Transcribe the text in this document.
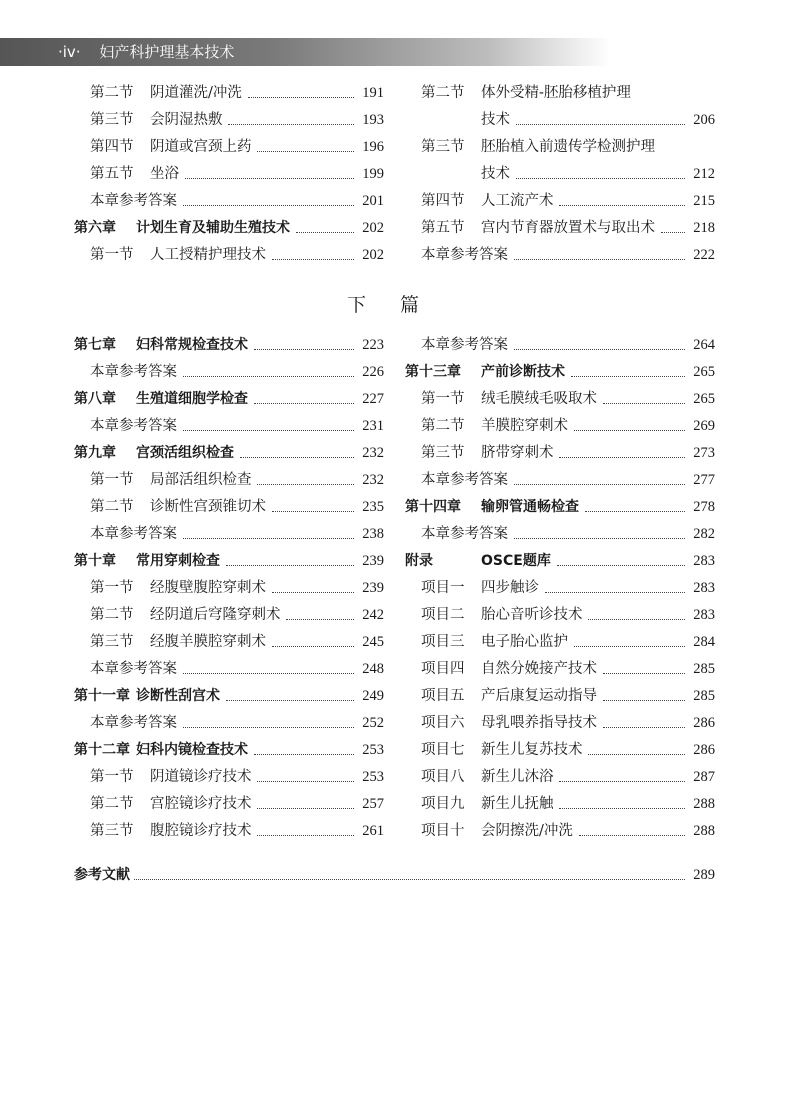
·iv· 妇产科护理基本技术
第二节 阴道灌洗/冲洗	191
第三节 会阴湿热敷	193
第四节 阴道或宫颈上药	196
第五节 坐浴	199
本章参考答案	201
第六章 计划生育及辅助生殖技术	202
第一节 人工授精护理技术	202
第二节 体外受精-胚胎移植护理
技术	206
第三节 胚胎植入前遗传学检测护理
技术	212
第四节 人工流产术	215
第五节 宫内节育器放置术与取出术	218
本章参考答案	222
下篇
第七章 妇科常规检查技术	223
本章参考答案	226
第八章 生殖道细胞学检查	227
本章参考答案	231
第九章 宫颈活组织检查	232
第一节 局部活组织检查	232
第二节 诊断性宫颈锥切术	235
本章参考答案	238
第十章 常用穿刺检查	239
第一节 经腹壁腹腔穿刺术	239
第二节 经阴道后穹隆穿刺术	242
第三节 经腹羊膜腔穿刺术	245
本章参考答案	248
第十一章 诊断性刮宫术	249
本章参考答案	252
第十二章 妇科内镜检查技术	253
第一节 阴道镜诊疗技术	253
第二节 宫腔镜诊疗技术	257
第三节 腹腔镜诊疗技术	261
本章参考答案	264
第十三章 产前诊断技术	265
第一节 绒毛膜绒毛吸取术	265
第二节 羊膜腔穿刺术	269
第三节 脐带穿刺术	273
本章参考答案	277
第十四章 输卵管通畅检查	278
本章参考答案	282
附录	OSCE题库	283
项目一 四步触诊	283
项目二 胎心音听诊技术	283
项目三 电子胎心监护	284
项目四 自然分娩接产技术	285
项目五 产后康复运动指导	285
项目六 母乳喂养指导技术	286
项目七 新生儿复苏技术	286
项目八 新生儿沐浴	287
项目九 新生儿抚触	288
项目十 会阴擦洗/冲洗	288
参考文献	289
